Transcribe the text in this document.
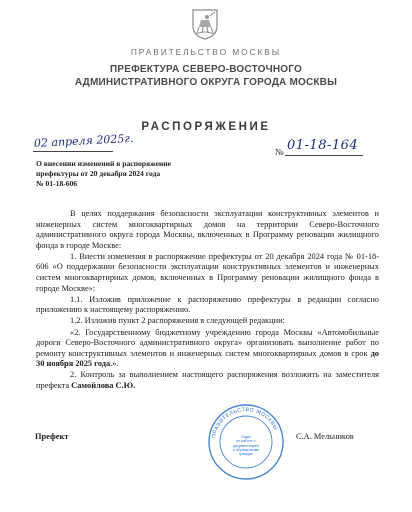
ПРАВИТЕЛЬСТВО МОСКВЫ
ПРЕФЕКТУРА СЕВЕРО-ВОСТОЧНОГО
АДМИНИСТРАТИВНОГО ОКРУГА ГОРОДА МОСКВЫ
РАСПОРЯЖЕНИЕ
02 апреля 2025г.
№ 01-18-164
О внесении изменений в распоряжение
префектуры от 20 декабря 2024 года
№ 01-18-606

В целях поддержания безопасности эксплуатации конструктивных элементов и инженерных систем многоквартирных домов на территории Северо-Восточного административного округа города Москвы, включенных в Программу реновации жилищного фонда в городе Москве:

1. Внести изменения в распоряжение префектуры от 20 декабря 2024 года № 01-18-606 «О поддержании безопасности эксплуатации конструктивных элементов и инженерных систем многоквартирных домов, включенных в Программу реновации жилищного фонда в городе Москве»:

1.1. Изложив приложение к распоряжению префектуры в редакции согласно приложению к настоящему распоряжению.

1.2. Изложив пункт 2 распоряжения в следующей редакции:

«2. Государственному бюджетному учреждению города Москвы «Автомобильные дороги Северо-Восточного административного округа» организовать выполнение работ по ремонту конструктивных элементов и инженерных систем многоквартирных домов в срок до 30 ноября 2025 года.».

2. Контроль за выполнением настоящего распоряжения возложить на заместителя префекта Самойлова С.Ю.

ПРАВИТЕЛЬСТВО МОСКВЫ
Отдел
по работе с
документацией
и обращениями
граждан
Префект	С.А. Мельников
